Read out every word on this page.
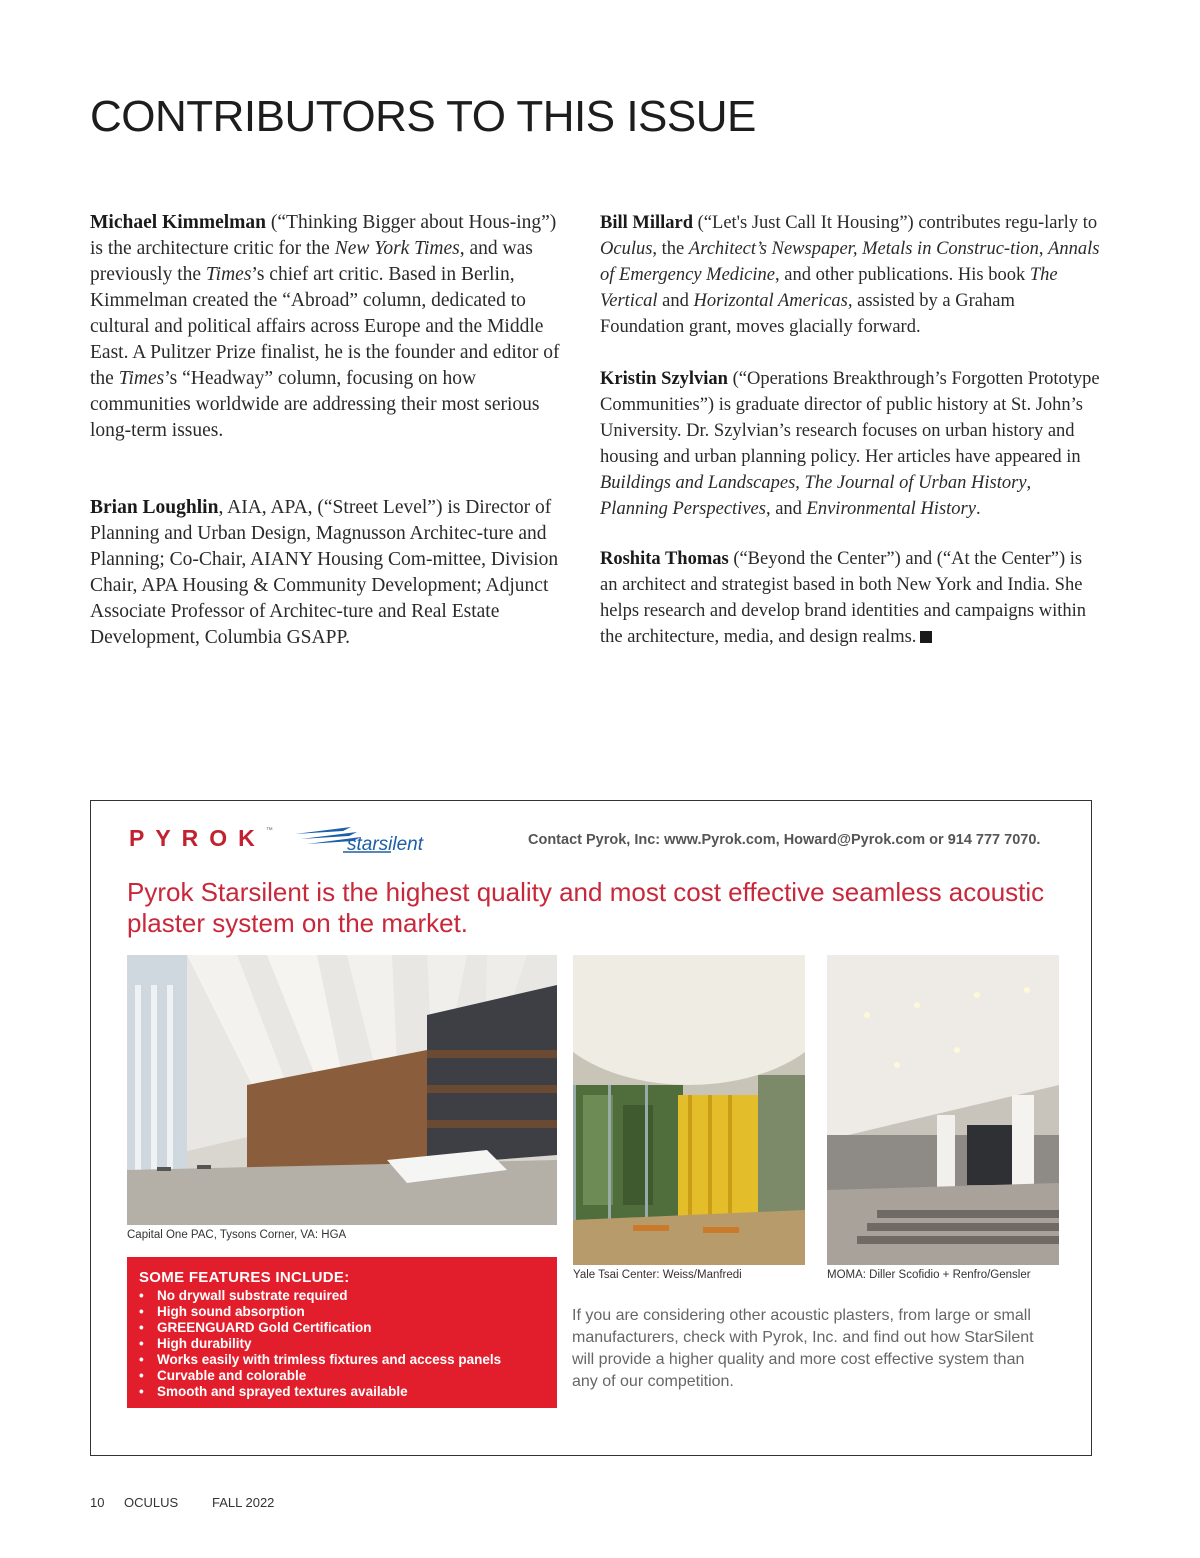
CONTRIBUTORS TO THIS ISSUE

Michael Kimmelman (“Thinking Bigger about Hous-ing”) is the architecture critic for the New York Times, and was previously the Times’s chief art critic. Based in Berlin, Kimmelman created the “Abroad” column, dedicated to cultural and political affairs across Europe and the Middle East. A Pulitzer Prize finalist, he is the founder and editor of the Times’s “Headway” column, focusing on how communities worldwide are addressing their most serious long-term issues.

Brian Loughlin, AIA, APA, (“Street Level”) is Director of Planning and Urban Design, Magnusson Architec-ture and Planning; Co-Chair, AIANY Housing Com-mittee, Division Chair, APA Housing & Community Development; Adjunct Associate Professor of Architec-ture and Real Estate Development, Columbia GSAPP.

Bill Millard (“Let's Just Call It Housing”) contributes regu-larly to Oculus, the Architect’s Newspaper, Metals in Construc-tion, Annals of Emergency Medicine, and other publications. His book The Vertical and Horizontal Americas, assisted by a Graham Foundation grant, moves glacially forward.

Kristin Szylvian (“Operations Breakthrough’s Forgotten Prototype Communities”) is graduate director of public history at St. John’s University. Dr. Szylvian’s research focuses on urban history and housing and urban planning policy. Her articles have appeared in Buildings and Landscapes, The Journal of Urban History, Planning Perspectives, and Environmental History.

Roshita Thomas (“Beyond the Center”) and (“At the Center”) is an architect and strategist based in both New York and India. She helps research and develop brand identities and campaigns within the architecture, media, and design realms.

PYROK™
starsilent	Contact Pyrok, Inc: www.Pyrok.com, Howard@Pyrok.com or 914 777 7070.

Pyrok Starsilent is the highest quality and most cost effective seamless acoustic plaster system on the market.

Capital One PAC, Tysons Corner, VA: HGA
Yale Tsai Center: Weiss/Manfredi	MOMA: Diller Scofidio + Renfro/Gensler

SOME FEATURES INCLUDE:

• No drywall substrate required
• High sound absorption
• GREENGUARD Gold Certification
• High durability
• Works easily with trimless fixtures and access panels
• Curvable and colorable
• Smooth and sprayed textures available

If you are considering other acoustic plasters, from large or small manufacturers, check with Pyrok, Inc. and find out how StarSilent will provide a higher quality and more cost effective system than any of our competition.

10 OCULUS	FALL 2022
